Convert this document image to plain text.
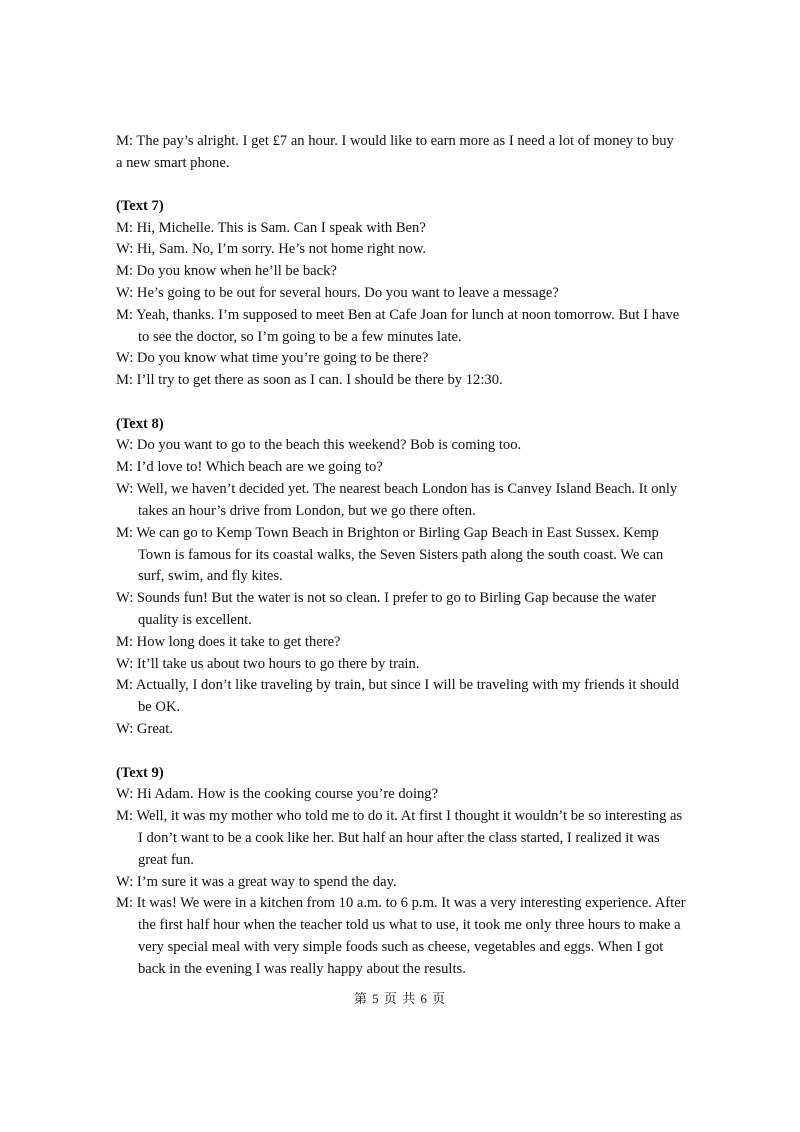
M: The pay’s alright. I get £7 an hour. I would like to earn more as I need a lot of money to buy
a new smart phone.
(Text 7)
M: Hi, Michelle. This is Sam. Can I speak with Ben?
W: Hi, Sam. No, I’m sorry. He’s not home right now.
M: Do you know when he’ll be back?
W: He’s going to be out for several hours. Do you want to leave a message?
M: Yeah, thanks. I’m supposed to meet Ben at Cafe Joan for lunch at noon tomorrow. But I have
to see the doctor, so I’m going to be a few minutes late.
W: Do you know what time you’re going to be there?
M: I’ll try to get there as soon as I can. I should be there by 12:30.
(Text 8)
W: Do you want to go to the beach this weekend? Bob is coming too.
M: I’d love to! Which beach are we going to?
W: Well, we haven’t decided yet. The nearest beach London has is Canvey Island Beach. It only
takes an hour’s drive from London, but we go there often.
M: We can go to Kemp Town Beach in Brighton or Birling Gap Beach in East Sussex. Kemp
Town is famous for its coastal walks, the Seven Sisters path along the south coast. We can
surf, swim, and fly kites.
W: Sounds fun! But the water is not so clean. I prefer to go to Birling Gap because the water
quality is excellent.
M: How long does it take to get there?
W: It’ll take us about two hours to go there by train.
M: Actually, I don’t like traveling by train, but since I will be traveling with my friends it should
be OK.
W: Great.
(Text 9)
W: Hi Adam. How is the cooking course you’re doing?
M: Well, it was my mother who told me to do it. At first I thought it wouldn’t be so interesting as
I don’t want to be a cook like her. But half an hour after the class started, I realized it was
great fun.
W: I’m sure it was a great way to spend the day.
M: It was! We were in a kitchen from 10 a.m. to 6 p.m. It was a very interesting experience. After
the first half hour when the teacher told us what to use, it took me only three hours to make a
very special meal with very simple foods such as cheese, vegetables and eggs. When I got
back in the evening I was really happy about the results.
第 5 页 共 6 页
